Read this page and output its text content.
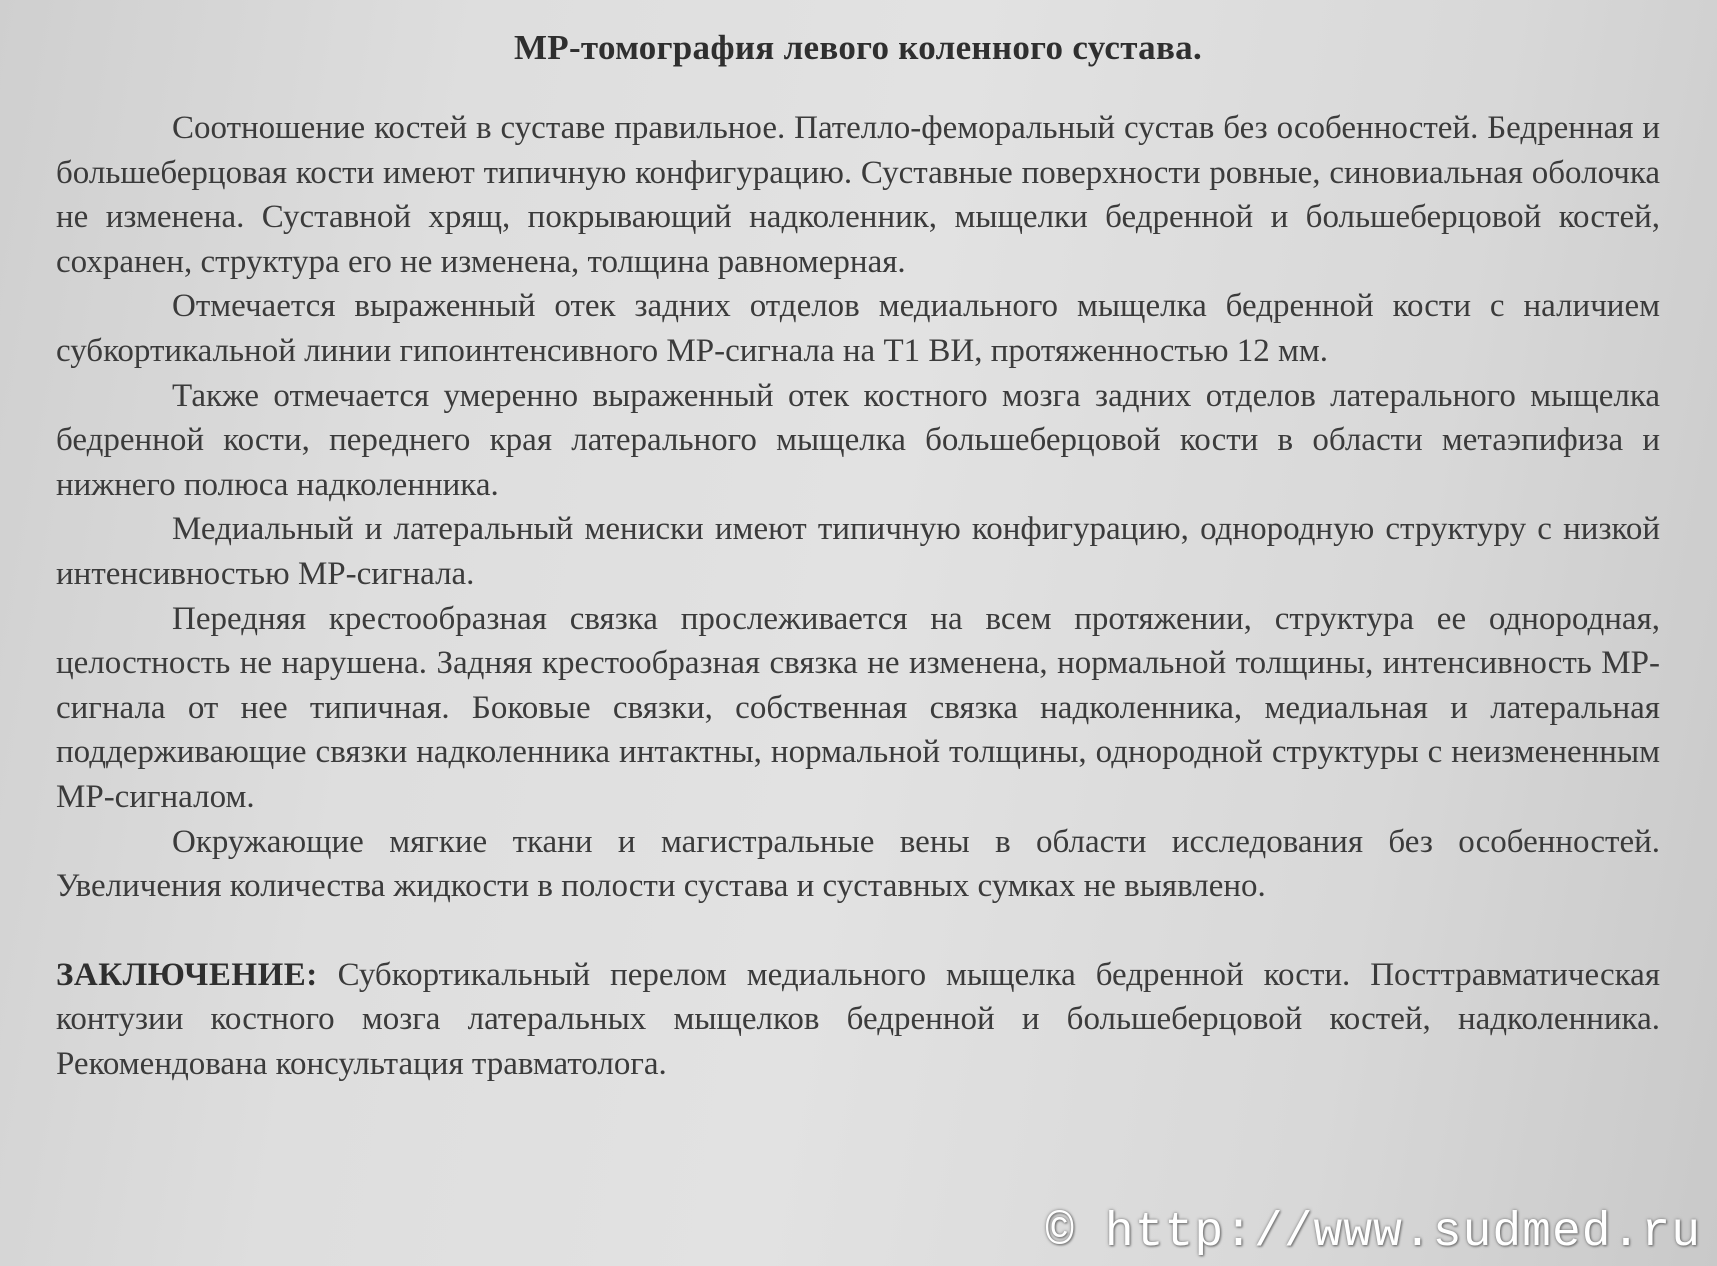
МР-томография левого коленного сустава.

Соотношение костей в суставе правильное. Пателло-феморальный сустав без особенностей. Бедренная и большеберцовая кости имеют типичную конфигурацию. Суставные поверхности ровные, синовиальная оболочка не изменена. Суставной хрящ, покрывающий надколенник, мыщелки бедренной и большеберцовой костей, сохранен, структура его не изменена, толщина равномерная.

Отмечается выраженный отек задних отделов медиального мыщелка бедренной кости с наличием субкортикальной линии гипоинтенсивного МР-сигнала на Т1 ВИ, протяженностью 12 мм.

Также отмечается умеренно выраженный отек костного мозга задних отделов латерального мыщелка бедренной кости, переднего края латерального мыщелка большеберцовой кости в области метаэпифиза и нижнего полюса надколенника.

Медиальный и латеральный мениски имеют типичную конфигурацию, однородную структуру с низкой интенсивностью МР-сигнала.

Передняя крестообразная связка прослеживается на всем протяжении, структура ее однородная, целостность не нарушена. Задняя крестообразная связка не изменена, нормальной толщины, интенсивность МР-сигнала от нее типичная. Боковые связки, собственная связка надколенника, медиальная и латеральная поддерживающие связки надколенника интактны, нормальной толщины, однородной структуры с неизмененным МР-сигналом.

Окружающие мягкие ткани и магистральные вены в области исследования без особенностей. Увеличения количества жидкости в полости сустава и суставных сумках не выявлено.

ЗАКЛЮЧЕНИЕ: Субкортикальный перелом медиального мыщелка бедренной кости. Посттравматическая контузии костного мозга латеральных мыщелков бедренной и большеберцовой костей, надколенника. Рекомендована консультация травматолога.

© http://www.sudmed.ru
